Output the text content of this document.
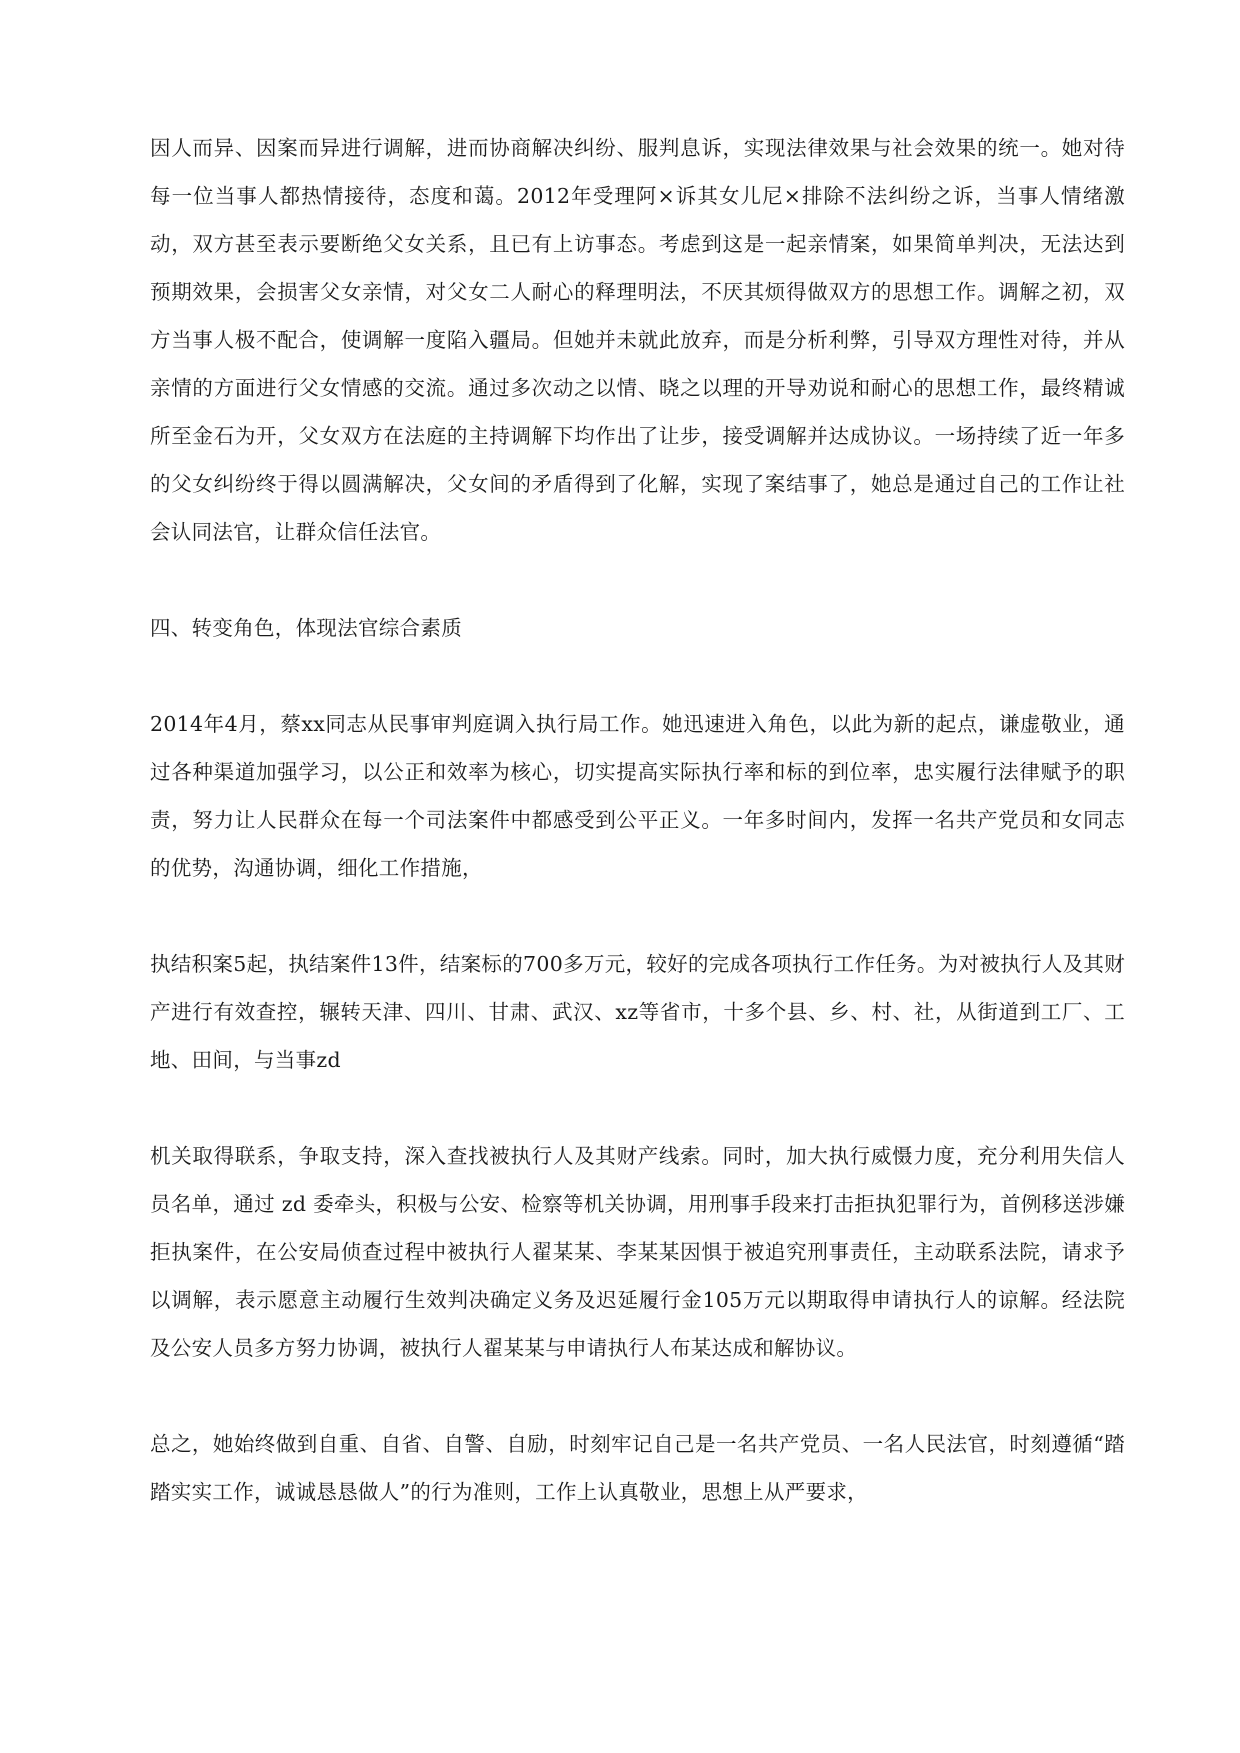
因人而异、因案而异进行调解，进而协商解决纠纷、服判息诉，实现法律效果与社会效果的统一。她对待每一位当事人都热情接待，态度和蔼。2012年受理阿×诉其女儿尼×排除不法纠纷之诉，当事人情绪激动，双方甚至表示要断绝父女关系，且已有上访事态。考虑到这是一起亲情案，如果简单判决，无法达到预期效果，会损害父女亲情，对父女二人耐心的释理明法，不厌其烦得做双方的思想工作。调解之初，双方当事人极不配合，使调解一度陷入疆局。但她并未就此放弃，而是分析利弊，引导双方理性对待，并从亲情的方面进行父女情感的交流。通过多次动之以情、晓之以理的开导劝说和耐心的思想工作，最终精诚所至金石为开，父女双方在法庭的主持调解下均作出了让步，接受调解并达成协议。一场持续了近一年多的父女纠纷终于得以圆满解决，父女间的矛盾得到了化解，实现了案结事了，她总是通过自己的工作让社会认同法官，让群众信任法官。

四、转变角色，体现法官综合素质

2014年4月，蔡xx同志从民事审判庭调入执行局工作。她迅速进入角色，以此为新的起点，谦虚敬业，通过各种渠道加强学习，以公正和效率为核心，切实提高实际执行率和标的到位率，忠实履行法律赋予的职责，努力让人民群众在每一个司法案件中都感受到公平正义。一年多时间内，发挥一名共产党员和女同志的优势，沟通协调，细化工作措施，

执结积案5起，执结案件13件，结案标的700多万元，较好的完成各项执行工作任务。为对被执行人及其财产进行有效查控，辗转天津、四川、甘肃、武汉、xz等省市，十多个县、乡、村、社，从街道到工厂、工地、田间，与当事zd

机关取得联系，争取支持，深入查找被执行人及其财产线索。同时，加大执行威慑力度，充分利用失信人员名单，通过 zd 委牵头，积极与公安、检察等机关协调，用刑事手段来打击拒执犯罪行为，首例移送涉嫌拒执案件，在公安局侦查过程中被执行人翟某某、李某某因惧于被追究刑事责任，主动联系法院，请求予以调解，表示愿意主动履行生效判决确定义务及迟延履行金105万元以期取得申请执行人的谅解。经法院及公安人员多方努力协调，被执行人翟某某与申请执行人布某达成和解协议。

总之，她始终做到自重、自省、自警、自励，时刻牢记自己是一名共产党员、一名人民法官，时刻遵循“踏踏实实工作，诚诚恳恳做人”的行为准则，工作上认真敬业，思想上从严要求，
